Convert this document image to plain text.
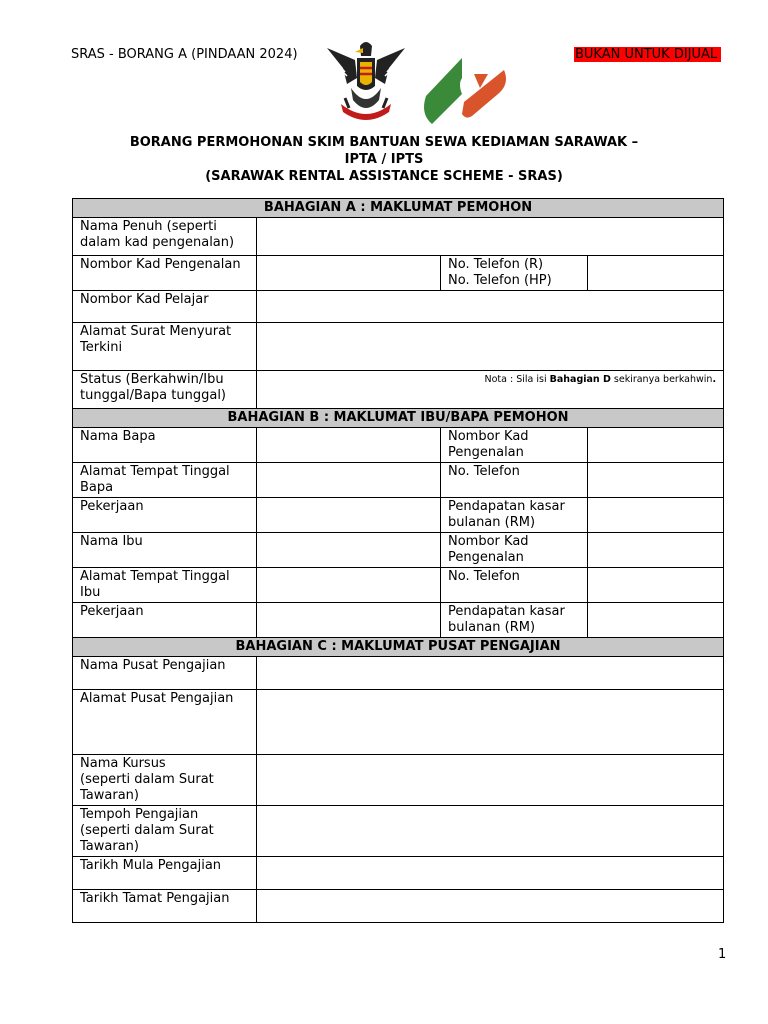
SRAS - BORANG A (PINDAAN 2024)	BUKAN UNTUK DIJUAL
BORANG PERMOHONAN SKIM BANTUAN SEWA KEDIAMAN SARAWAK –
IPTA / IPTS
(SARAWAK RENTAL ASSISTANCE SCHEME - SRAS)
BAHAGIAN A : MAKLUMAT PEMOHON			
Nama Penuh (seperti dalam kad pengenalan)			
Nombor Kad Pengenalan		No. Telefon (R)
No. Telefon (HP)	

Nombor Kad Pelajar			
Alamat Surat Menyurat Terkini			
Status (Berkahwin/Ibu tunggal/Bapa tunggal)	Nota : Sila isi Bahagian D sekiranya berkahwin.		
BAHAGIAN B : MAKLUMAT IBU/BAPA PEMOHON			
Nama Bapa		Nombor Kad Pengenalan	
Alamat Tempat Tinggal Bapa		No. Telefon	
Pekerjaan		Pendapatan kasar bulanan (RM)	
Nama Ibu		Nombor Kad Pengenalan	
Alamat Tempat Tinggal Ibu		No. Telefon	
Pekerjaan		Pendapatan kasar bulanan (RM)	
BAHAGIAN C : MAKLUMAT PUSAT PENGAJIAN			
Nama Pusat Pengajian			
Alamat Pusat Pengajian			

Nama Kursus
(seperti dalam Surat Tawaran)			

Tempoh Pengajian
(seperti dalam Surat Tawaran)			

Tarikh Mula Pengajian			
Tarikh Tamat Pengajian			
1
